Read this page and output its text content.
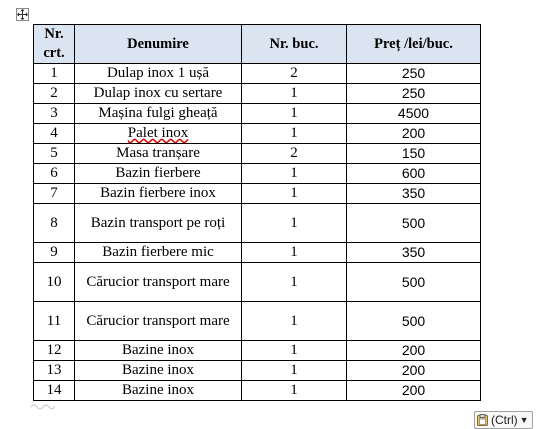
Nr. crt.	Denumire	Nr. buc.	Preț /lei/buc.
1	Dulap inox 1 ușă	2	250
2	Dulap inox cu sertare	1	250
3	Mașina fulgi gheață	1	4500
4	Palet inox	1	200
5	Masa tranșare	2	150
6	Bazin fierbere	1	600
7	Bazin fierbere inox	1	350
8	Bazin transport pe roți	1	500
9	Bazin fierbere mic	1	350
10	Cărucior transport mare	1	500
11	Cărucior transport mare	1	500
12	Bazine inox	1	200
13	Bazine inox	1	200
14	Bazine inox	1	200
(Ctrl) ▼
